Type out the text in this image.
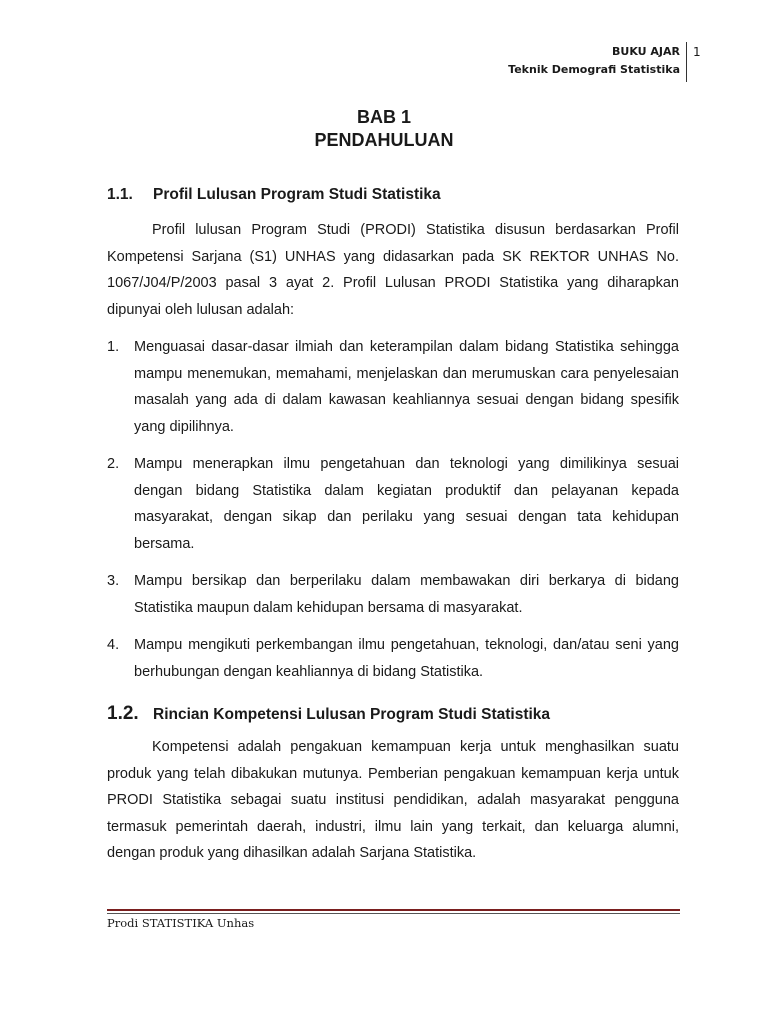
BUKU AJAR
Teknik Demografi Statistika
1
BAB 1
PENDAHULUAN
1.1.	Profil Lulusan Program Studi Statistika

Profil lulusan Program Studi (PRODI) Statistika disusun berdasarkan Profil Kompetensi Sarjana (S1) UNHAS yang didasarkan pada SK REKTOR UNHAS No. 1067/J04/P/2003 pasal 3 ayat 2. Profil Lulusan PRODI Statistika yang diharapkan dipunyai oleh lulusan adalah:

1. Menguasai dasar-dasar ilmiah dan keterampilan dalam bidang Statistika sehingga mampu menemukan, memahami, menjelaskan dan merumuskan cara penyelesaian masalah yang ada di dalam kawasan keahliannya sesuai dengan bidang spesifik yang dipilihnya.
2. Mampu menerapkan ilmu pengetahuan dan teknologi yang dimilikinya sesuai dengan bidang Statistika dalam kegiatan produktif dan pelayanan kepada masyarakat, dengan sikap dan perilaku yang sesuai dengan tata kehidupan bersama.
3. Mampu bersikap dan berperilaku dalam membawakan diri berkarya di bidang Statistika maupun dalam kehidupan bersama di masyarakat.
4. Mampu mengikuti perkembangan ilmu pengetahuan, teknologi, dan/atau seni yang berhubungan dengan keahliannya di bidang Statistika.
1.2. Rincian Kompetensi Lulusan Program Studi Statistika

Kompetensi adalah pengakuan kemampuan kerja untuk menghasilkan suatu produk yang telah dibakukan mutunya. Pemberian pengakuan kemampuan kerja untuk PRODI Statistika sebagai suatu institusi pendidikan, adalah masyarakat pengguna termasuk pemerintah daerah, industri, ilmu lain yang terkait, dan keluarga alumni, dengan produk yang dihasilkan adalah Sarjana Statistika.

Prodi STATISTIKA Unhas
